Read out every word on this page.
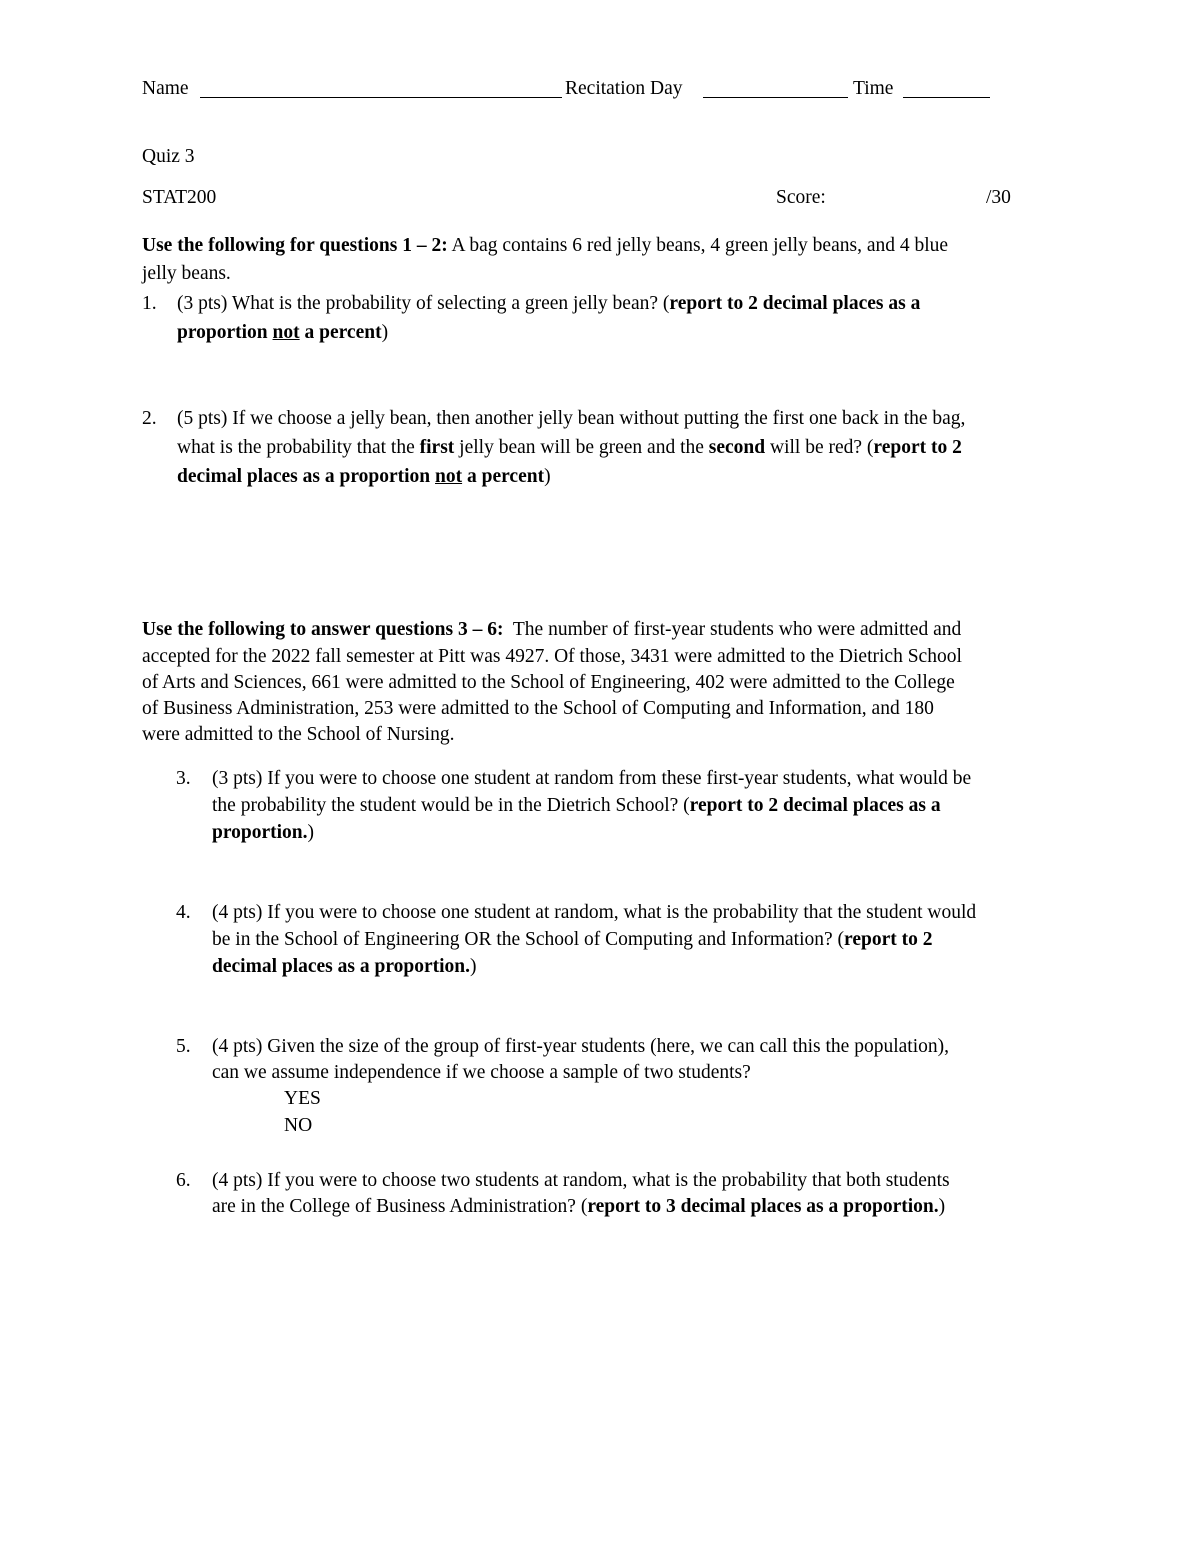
Name	Recitation Day	Time
Quiz 3
STAT200	Score:	/30
Use the following for questions 1 – 2: A bag contains 6 red jelly beans, 4 green jelly beans, and 4 blue
jelly beans.
1. (3 pts) What is the probability of selecting a green jelly bean? (report to 2 decimal places as a
proportion not a percent)
2. (5 pts) If we choose a jelly bean, then another jelly bean without putting the first one back in the bag,
what is the probability that the first jelly bean will be green and the second will be red? (report to 2
decimal places as a proportion not a percent)
Use the following to answer questions 3 – 6:  The number of first-year students who were admitted and
accepted for the 2022 fall semester at Pitt was 4927. Of those, 3431 were admitted to the Dietrich School
of Arts and Sciences, 661 were admitted to the School of Engineering, 402 were admitted to the College
of Business Administration, 253 were admitted to the School of Computing and Information, and 180
were admitted to the School of Nursing.
3. (3 pts) If you were to choose one student at random from these first-year students, what would be
the probability the student would be in the Dietrich School? (report to 2 decimal places as a
proportion.)
4. (4 pts) If you were to choose one student at random, what is the probability that the student would
be in the School of Engineering OR the School of Computing and Information? (report to 2
decimal places as a proportion.)
5. (4 pts) Given the size of the group of first-year students (here, we can call this the population),
can we assume independence if we choose a sample of two students?
YES
NO
6. (4 pts) If you were to choose two students at random, what is the probability that both students
are in the College of Business Administration? (report to 3 decimal places as a proportion.)
